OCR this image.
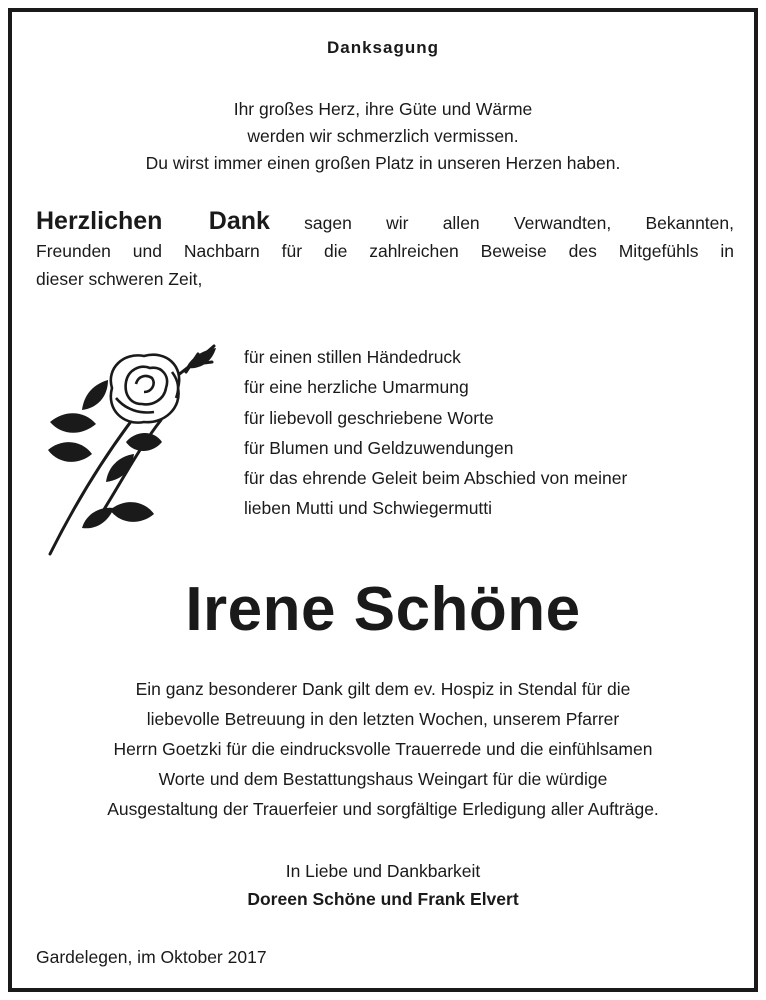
Danksagung
Ihr großes Herz, ihre Güte und Wärme
werden wir schmerzlich vermissen.
Du wirst immer einen großen Platz in unseren Herzen haben.
Herzlichen Dank sagen wir allen Verwandten, Bekannten,
Freunden und Nachbarn für die zahlreichen Beweise des Mitgefühls in
dieser schweren Zeit,
für einen stillen Händedruck
für eine herzliche Umarmung
für liebevoll geschriebene Worte
für Blumen und Geldzuwendungen
für das ehrende Geleit beim Abschied von meiner
lieben Mutti und Schwiegermutti
Irene Schöne
Ein ganz besonderer Dank gilt dem ev. Hospiz in Stendal für die
liebevolle Betreuung in den letzten Wochen, unserem Pfarrer
Herrn Goetzki für die eindrucksvolle Trauerrede und die einfühlsamen
Worte und dem Bestattungshaus Weingart für die würdige
Ausgestaltung der Trauerfeier und sorgfältige Erledigung aller Aufträge.
In Liebe und Dankbarkeit
Doreen Schöne und Frank Elvert
Gardelegen, im Oktober 2017
